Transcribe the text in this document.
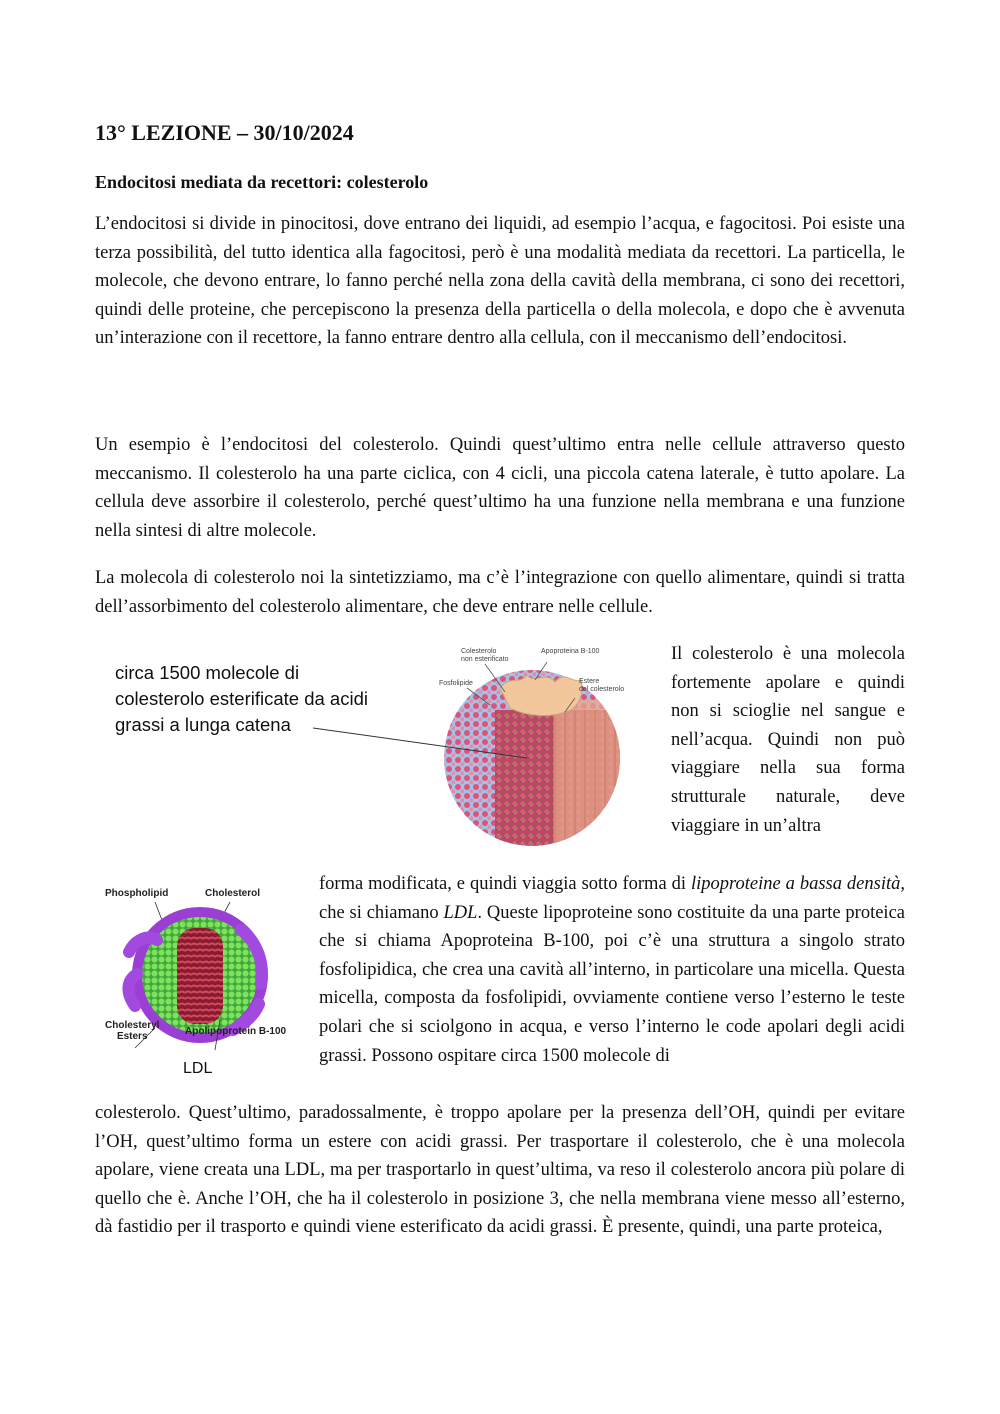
13° LEZIONE – 30/10/2024
Endocitosi mediata da recettori: colesterolo

L’endocitosi si divide in pinocitosi, dove entrano dei liquidi, ad esempio l’acqua, e fagocitosi. Poi esiste una terza possibilità, del tutto identica alla fagocitosi, però è una modalità mediata da recettori. La particella, le molecole, che devono entrare, lo fanno perché nella zona della cavità della membrana, ci sono dei recettori, quindi delle proteine, che percepiscono la presenza della particella o della molecola, e dopo che è avvenuta un’interazione con il recettore, la fanno entrare dentro alla cellula, con il meccanismo dell’endocitosi.

Un esempio è l’endocitosi del colesterolo. Quindi quest’ultimo entra nelle cellule attraverso questo meccanismo. Il colesterolo ha una parte ciclica, con 4 cicli, una piccola catena laterale, è tutto apolare. La cellula deve assorbire il colesterolo, perché quest’ultimo ha una funzione nella membrana e una funzione nella sintesi di altre molecole.

La molecola di colesterolo noi la sintetizziamo, ma c’è l’integrazione con quello alimentare, quindi si tratta dell’assorbimento del colesterolo alimentare, che deve entrare nelle cellule.

Il colesterolo è una molecola fortemente apolare e quindi non si scioglie nel sangue e nell’acqua. Quindi non può viaggiare nella sua forma strutturale naturale, deve viaggiare in un’altra

forma modificata, e quindi viaggia sotto forma di lipoproteine a bassa densità, che si chiamano LDL. Queste lipoproteine sono costituite da una parte proteica che si chiama Apoproteina B-100, poi c’è una struttura a singolo strato fosfolipidica, che crea una cavità all’interno, in particolare una micella. Questa micella, composta da fosfolipidi, ovviamente contiene verso l’esterno le teste polari che si sciolgono in acqua, e verso l’interno le code apolari degli acidi grassi. Possono ospitare circa 1500 molecole di

colesterolo. Quest’ultimo, paradossalmente, è troppo apolare per la presenza dell’OH, quindi per evitare l’OH, quest’ultimo forma un estere con acidi grassi. Per trasportare il colesterolo, che è una molecola apolare, viene creata una LDL, ma per trasportarlo in quest’ultima, va reso il colesterolo ancora più polare di quello che è. Anche l’OH, che ha il colesterolo in posizione 3, che nella membrana viene messo all’esterno, dà fastidio per il trasporto e quindi viene esterificato da acidi grassi. È presente, quindi, una parte proteica,

circa 1500 molecole di
colesterolo esterificate da acidi
grassi a lunga catena
Colesterolo
non esterificato
Apoproteina B-100
Fosfolipide	Estere
del colesterolo
Phospholipid	Cholesterol
Cholesteryl
Esters	Apolipoprotein B-100
LDL
